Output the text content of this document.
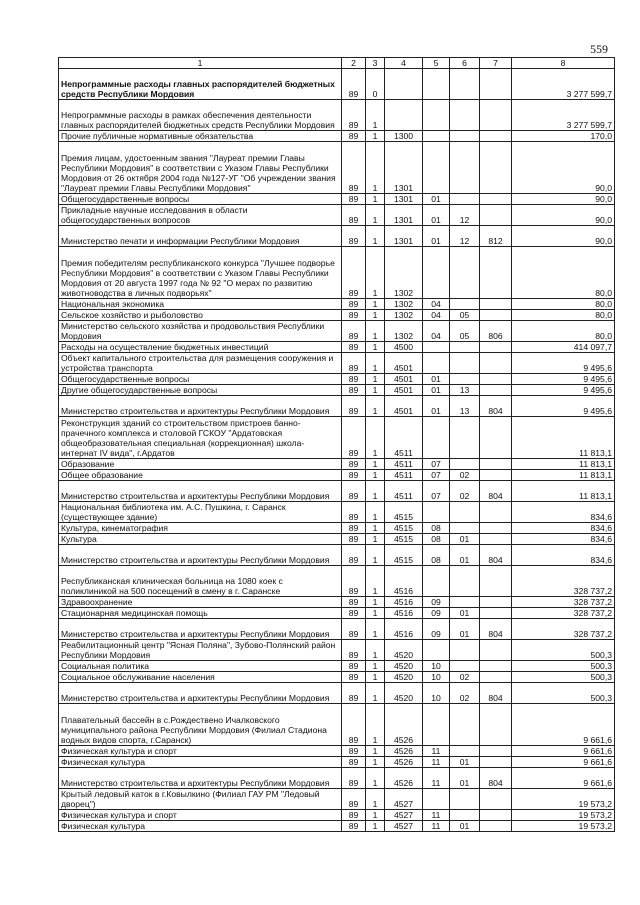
559
1	2	3	4	5	6	7	8
Непрограммные расходы главных распорядителей бюджетных средств Республики Мордовия	89	0					3 277 599,7
Непрограммные расходы в рамках обеспечения деятельности главных распорядителей бюджетных средств Республики Мордовия	89	1					3 277 599,7
Прочие публичные нормативные обязательства	89	1	1300				170,0
Премия лицам, удостоенным звания "Лауреат премии Главы Республики Мордовия" в соответствии с Указом Главы Республики Мордовия от 26 октября 2004 года №127-УГ "Об учреждении звания "Лауреат премии Главы Республики Мордовия"	89	1	1301				90,0
Общегосударственные вопросы	89	1	1301	01			90,0
Прикладные научные исследования в области общегосударственных вопросов	89	1	1301	01	12		90,0
Министерство печати и информации Республики Мордовия	89	1	1301	01	12	812	90,0
Премия победителям республиканского конкурса "Лучшее подворье Республики Мордовия" в соответствии с Указом Главы Республики Мордовия от 20 августа 1997 года № 92 "О мерах по развитию животноводства в личных подворьях"	89	1	1302				80,0
Национальная экономика	89	1	1302	04			80,0
Сельское хозяйство и рыболовство	89	1	1302	04	05		80,0
Министерство сельского хозяйства и продовольствия Республики Мордовия	89	1	1302	04	05	806	80,0
Расходы на осуществление бюджетных инвестиций	89	1	4500				414 097,7
Объект капитального строительства для размещения сооружения и устройства транспорта	89	1	4501				9 495,6
Общегосударственные вопросы	89	1	4501	01			9 495,6
Другие общегосударственные вопросы	89	1	4501	01	13		9 495,6
Министерство строительства и архитектуры Республики Мордовия	89	1	4501	01	13	804	9 495,6
Реконструкция зданий со строительством пристроев банно-прачечного комплекса и столовой ГСКОУ "Ардатовская общеобразовательная специальная (коррекционная) школа-интернат IV вида", г.Ардатов	89	1	4511				11 813,1
Образование	89	1	4511	07			11 813,1
Общее образование	89	1	4511	07	02		11 813,1
Министерство строительства и архитектуры Республики Мордовия	89	1	4511	07	02	804	11 813,1
Национальная библиотека им. А.С. Пушкина, г. Саранск (существующее здание)	89	1	4515				834,6
Культура, кинематография	89	1	4515	08			834,6
Культура	89	1	4515	08	01		834,6
Министерство строительства и архитектуры Республики Мордовия	89	1	4515	08	01	804	834,6
Республиканская клиническая больница на 1080 коек с поликлиникой на 500 посещений в смену в г. Саранске	89	1	4516				328 737,2
Здравоохранение	89	1	4516	09			328 737,2
Стационарная медицинская помощь	89	1	4516	09	01		328 737,2
Министерство строительства и архитектуры Республики Мордовия	89	1	4516	09	01	804	328 737,2
Реабилитационный центр "Ясная Поляна", Зубово-Полянский район Республики Мордовия	89	1	4520				500,3
Социальная политика	89	1	4520	10			500,3
Социальное обслуживание населения	89	1	4520	10	02		500,3
Министерство строительства и архитектуры Республики Мордовия	89	1	4520	10	02	804	500,3
Плавательный бассейн в с.Рождествено Ичалковского муниципального района Республики Мордовия (Филиал Стадиона водных видов спорта, г.Саранск)	89	1	4526				9 661,6
Физическая культура и спорт	89	1	4526	11			9 661,6
Физическая культура	89	1	4526	11	01		9 661,6
Министерство строительства и архитектуры Республики Мордовия	89	1	4526	11	01	804	9 661,6
Крытый ледовый каток в г.Ковылкино (Филиал ГАУ РМ "Ледовый дворец")	89	1	4527				19 573,2
Физическая культура и спорт	89	1	4527	11			19 573,2
Физическая культура	89	1	4527	11	01		19 573,2
